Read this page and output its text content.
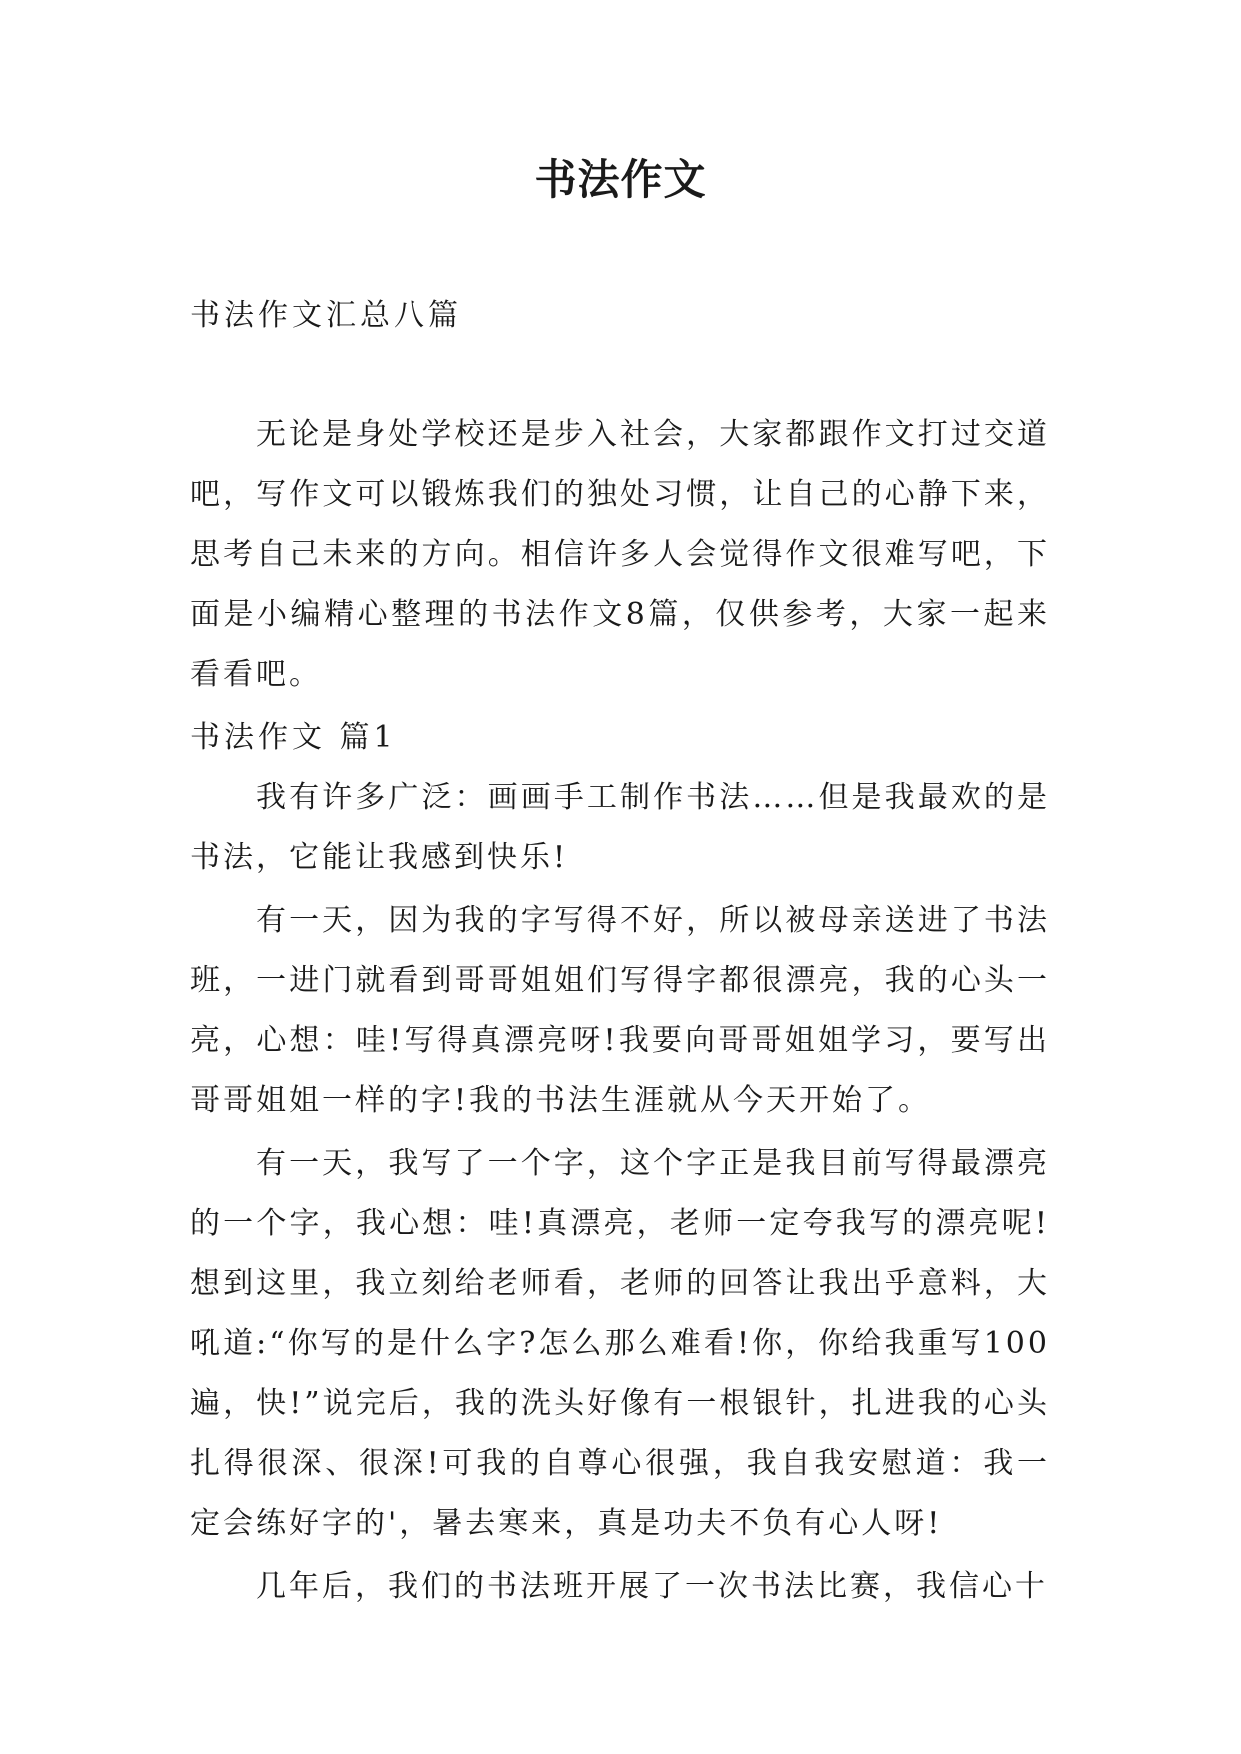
书法作文

书法作文汇总八篇

无论是身处学校还是步入社会，大家都跟作文打过交道吧，写作文可以锻炼我们的独处习惯，让自己的心静下来，思考自己未来的方向。相信许多人会觉得作文很难写吧，下面是小编精心整理的书法作文8篇，仅供参考，大家一起来看看吧。

书法作文 篇1

我有许多广泛：画画手工制作书法……但是我最欢的是书法，它能让我感到快乐!

有一天，因为我的字写得不好，所以被母亲送进了书法班，一进门就看到哥哥姐姐们写得字都很漂亮，我的心头一亮，心想：哇!写得真漂亮呀!我要向哥哥姐姐学习，要写出哥哥姐姐一样的字!我的书法生涯就从今天开始了。

有一天，我写了一个字，这个字正是我目前写得最漂亮的一个字，我心想：哇!真漂亮，老师一定夸我写的漂亮呢!想到这里，我立刻给老师看，老师的回答让我出乎意料，大吼道:“你写的是什么字?怎么那么难看!你，你给我重写100遍，快!”说完后，我的洗头好像有一根银针，扎进我的心头扎得很深、很深!可我的自尊心很强，我自我安慰道：我一定会练好字的'，暑去寒来，真是功夫不负有心人呀!

几年后，我们的书法班开展了一次书法比赛，我信心十
